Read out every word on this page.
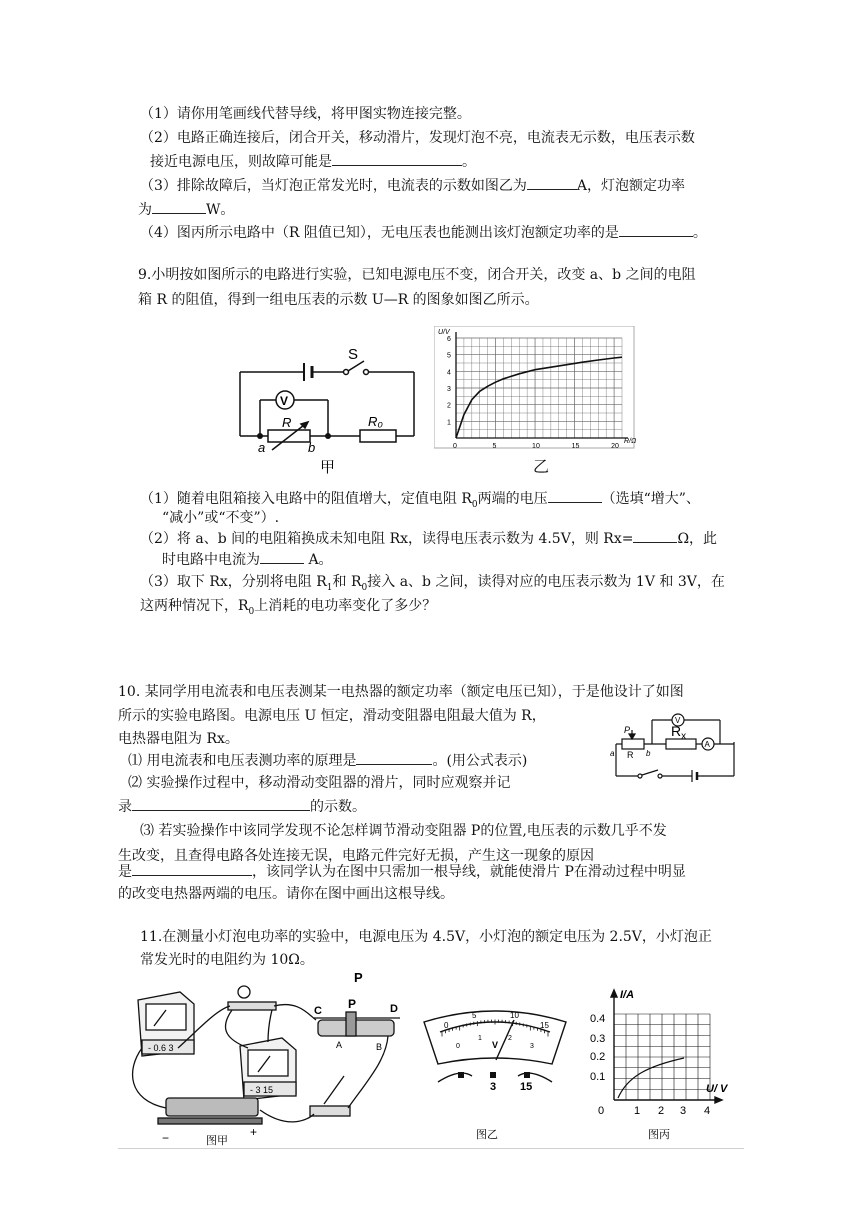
（1）请你用笔画线代替导线，将甲图实物连接完整。
（2）电路正确连接后，闭合开关，移动滑片，发现灯泡不亮，电流表无示数，电压表示数
接近电源电压，则故障可能是	。
（3）排除故障后，当灯泡正常发光时，电流表的示数如图乙为	A，灯泡额定功率
为	W。
（4）图丙所示电路中（R 阻值已知），无电压表也能测出该灯泡额定功率的是	。
9.小明按如图所示的电路进行实验，已知电源电压不变，闭合开关，改变 a、b 之间的电阻
箱 R 的阻值，得到一组电压表的示数 U—R 的图象如图乙所示。
S
V
R	R₀
a	b
甲
0	5	10	15	20
1
2
3
4
5
6
U/V
R/Ω
乙
（1）随着电阻箱接入电路中的阻值增大，定值电阻 $R_0$两端的电压	（选填“增大”、
“减小”或“不变”）.
（2）将 a、b 间的电阻箱换成未知电阻 Rx，读得电压表示数为 4.5V，则 Rx=	Ω，此
时电路中电流为	A。
（3）取下 Rx，分别将电阻 $R_1$和 $R_0$接入 a、b 之间，读得对应的电压表示数为 1V 和 3V，在
这两种情况下，$R_0$上消耗的电功率变化了多少？
10. 某同学用电流表和电压表测某一电热器的额定功率（额定电压已知），于是他设计了如图
所示的实验电路图。电源电压 U 恒定，滑动变阻器电阻最大值为 R，
电热器电阻为 Rx。
⑴ 用电流表和电压表测功率的原理是	。(用公式表示)
⑵ 实验操作过程中，移动滑动变阻器的滑片，同时应观察并记
录	的示数。
⑶ 若实验操作中该同学发现不论怎样调节滑动变阻器 P的位置,电压表的示数几乎不发
生改变，且查得电路各处连接无误，电路元件完好无损，产生这一现象的原因
是	，该同学认为在图中只需加一根导线，就能使滑片 P在滑动过程中明显
的改变电热器两端的电压。请你在图中画出这根导线。
V
A
P
R
$R_x$
a	b
11.在测量小灯泡电功率的实验中，电源电压为 4.5V，小灯泡的额定电压为 2.5V，小灯泡正
常发光时的电阻约为 10Ω。
P
P
C	D
A	B
- 0.6 3
- 3 15
−	+
图甲
0
5	10
15
0
1	2
3
V
3 15
图乙
I/A
U/ V
0.4
0.3
0.2
0.1
0	1 2 3 4
图丙
